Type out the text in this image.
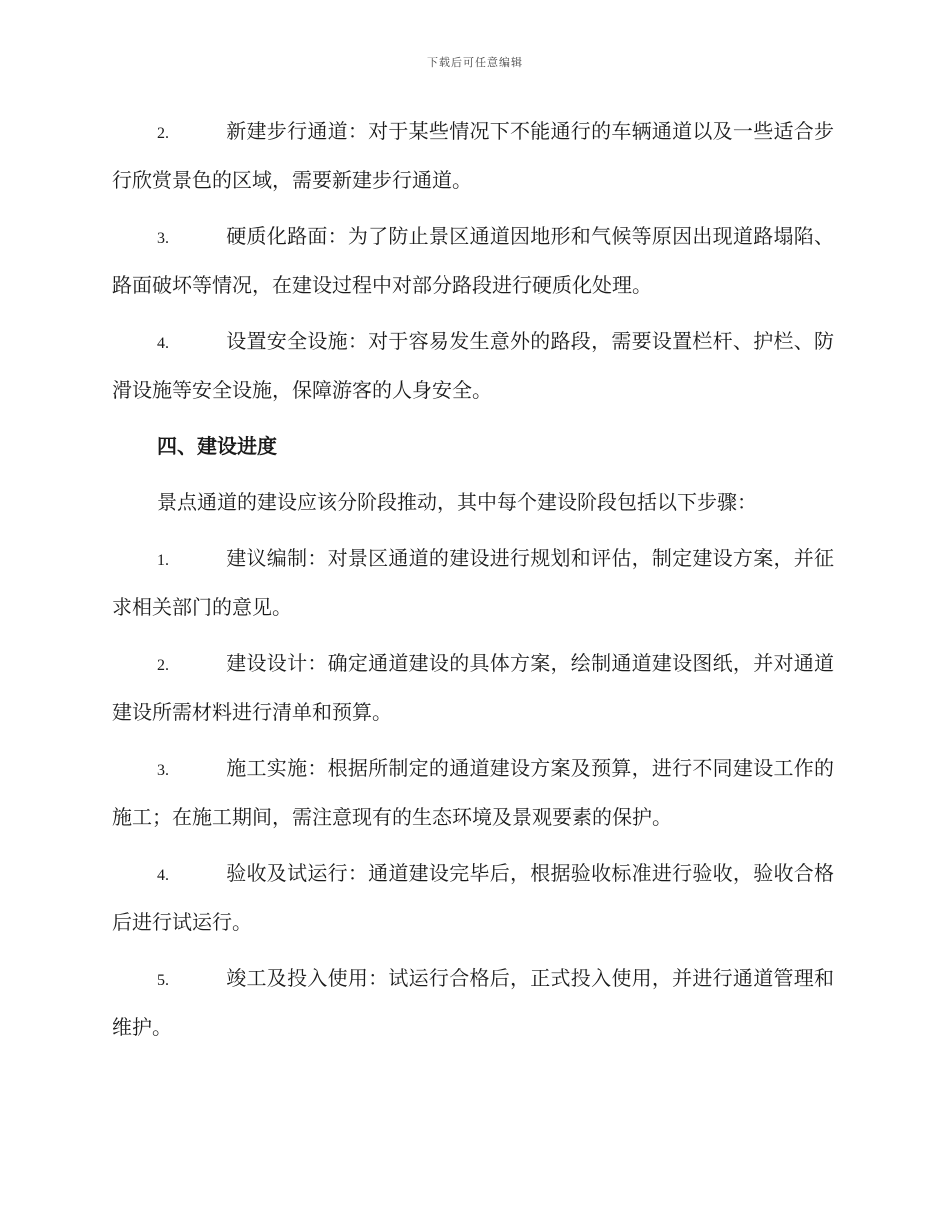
下载后可任意编辑
2.	新建步行通道：对于某些情况下不能通行的车辆通道以及一些适合步行欣赏景色的区域，需要新建步行通道。
3.	硬质化路面：为了防止景区通道因地形和气候等原因出现道路塌陷、路面破坏等情况，在建设过程中对部分路段进行硬质化处理。
4.	设置安全设施：对于容易发生意外的路段，需要设置栏杆、护栏、防滑设施等安全设施，保障游客的人身安全。
四、建设进度
景点通道的建设应该分阶段推动，其中每个建设阶段包括以下步骤：
1.	建议编制：对景区通道的建设进行规划和评估，制定建设方案，并征求相关部门的意见。
2.	建设设计：确定通道建设的具体方案，绘制通道建设图纸，并对通道建设所需材料进行清单和预算。
3.	施工实施：根据所制定的通道建设方案及预算，进行不同建设工作的施工；在施工期间，需注意现有的生态环境及景观要素的保护。
4.	验收及试运行：通道建设完毕后，根据验收标准进行验收，验收合格后进行试运行。
5.	竣工及投入使用：试运行合格后，正式投入使用，并进行通道管理和维护。
